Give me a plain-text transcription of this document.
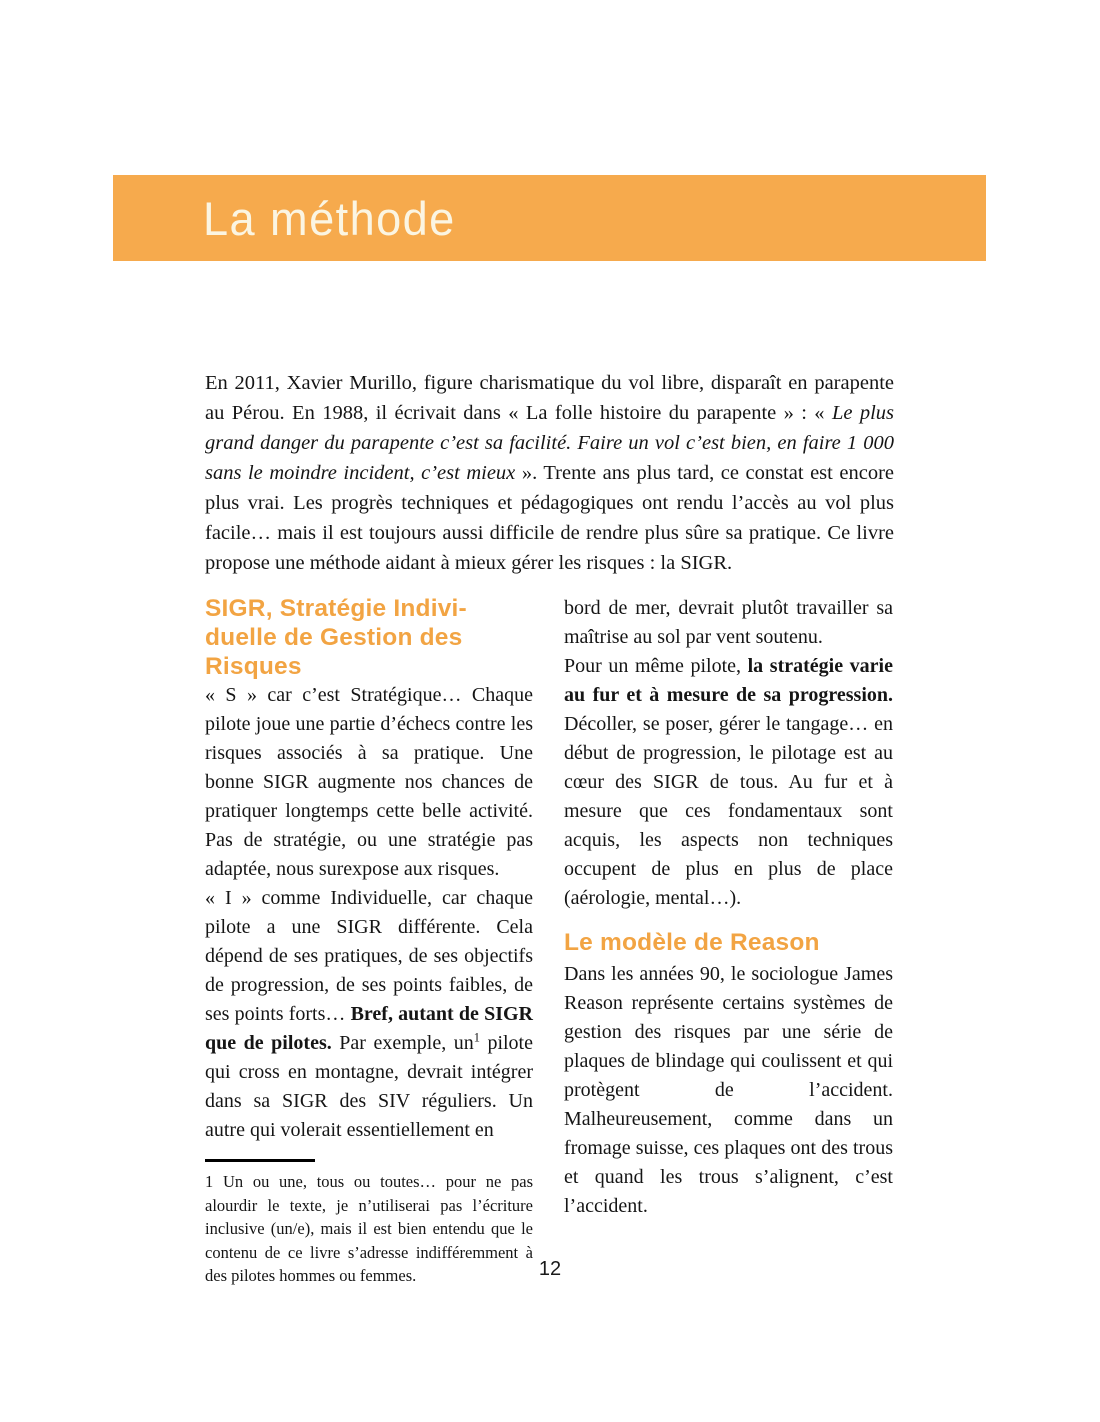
La méthode

En 2011, Xavier Murillo, figure charismatique du vol libre, disparaît en parapente au Pérou. En 1988, il écrivait dans « La folle histoire du parapente » : « Le plus grand danger du parapente c’est sa facilité. Faire un vol c’est bien, en faire 1 000 sans le moindre incident, c’est mieux ». Trente ans plus tard, ce constat est encore plus vrai. Les progrès techniques et pédagogiques ont rendu l’accès au vol plus facile… mais il est toujours aussi difficile de rendre plus sûre sa pratique. Ce livre propose une méthode aidant à mieux gérer les risques : la SIGR.

SIGR, Stratégie Indivi-
duelle de Gestion des
Risques

« S » car c’est Stratégique… Chaque pilote joue une partie d’échecs contre les risques associés à sa pratique. Une bonne SIGR augmente nos chances de pratiquer longtemps cette belle activité. Pas de stratégie, ou une stratégie pas adaptée, nous surexpose aux risques.

« I » comme Individuelle, car chaque pilote a une SIGR différente. Cela dépend de ses pratiques, de ses objectifs de progression, de ses points faibles, de ses points forts… Bref, autant de SIGR que de pilotes. Par exemple, $un^1$ pilote qui cross en montagne, devrait intégrer dans sa SIGR des SIV réguliers. Un autre qui volerait essentiellement en

1 Un ou une, tous ou toutes… pour ne pas alourdir le texte, je n’utiliserai pas l’écriture inclusive (un/e), mais il est bien entendu que le contenu de ce livre s’adresse indifféremment à des pilotes hommes ou femmes.

bord de mer, devrait plutôt travailler sa maîtrise au sol par vent soutenu.

Pour un même pilote, la stratégie varie au fur et à mesure de sa progression. Décoller, se poser, gérer le tangage… en début de progression, le pilotage est au cœur des SIGR de tous. Au fur et à mesure que ces fondamentaux sont acquis, les aspects non techniques occupent de plus en plus de place (aérologie, mental…).

Le modèle de Reason

Dans les années 90, le sociologue James Reason représente certains systèmes de gestion des risques par une série de plaques de blindage qui coulissent et qui protègent de l’accident. Malheureusement, comme dans un fromage suisse, ces plaques ont des trous et quand les trous s’alignent, c’est l’accident.

12
